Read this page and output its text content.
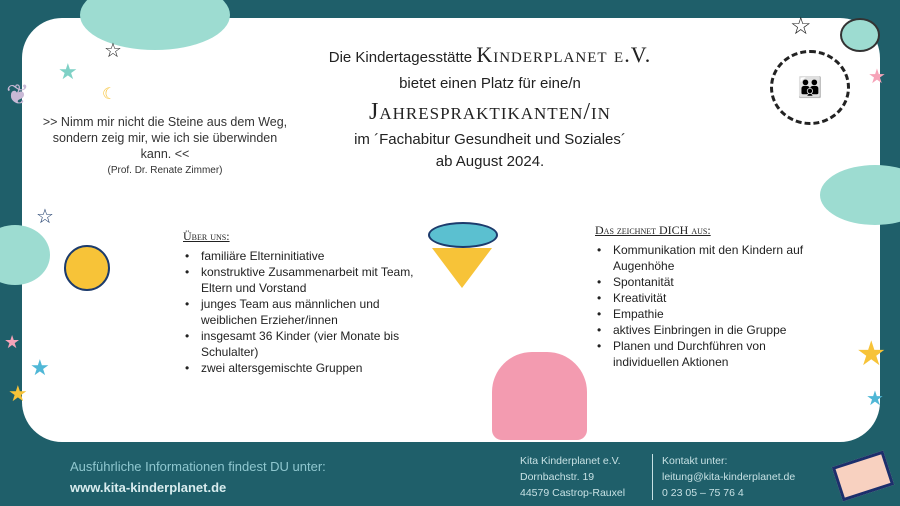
★
☆
☾
❦
☆
★
👪
☆
★
★
★
★
★
Die Kindertagesstätte Kinderplanet e.V.
bietet einen Platz für eine/n
Jahrespraktikanten/in
im ´Fachabitur Gesundheit und Soziales´
ab August 2024.
>> Nimm mir nicht die Steine aus dem Weg, sondern zeig mir, wie ich sie überwinden kann. <<
(Prof. Dr. Renate Zimmer)
Über uns:
• familiäre Elterninitiative
• konstruktive Zusammenarbeit mit Team, Eltern und Vorstand
• junges Team aus männlichen und weiblichen Erzieher/innen
• insgesamt 36 Kinder (vier Monate bis Schulalter)
• zwei altersgemischte Gruppen
Das zeichnet DICH aus:
• Kommunikation mit den Kindern auf Augenhöhe
• Spontanität
• Kreativität
• Empathie
• aktives Einbringen in die Gruppe
• Planen und Durchführen von individuellen Aktionen
Ausführliche Informationen findest DU unter:
www.kita-kinderplanet.de
Kita Kinderplanet e.V.
Dornbachstr. 19
44579 Castrop-Rauxel
Kontakt unter:
leitung@kita-kinderplanet.de
0 23 05 – 75 76 4
